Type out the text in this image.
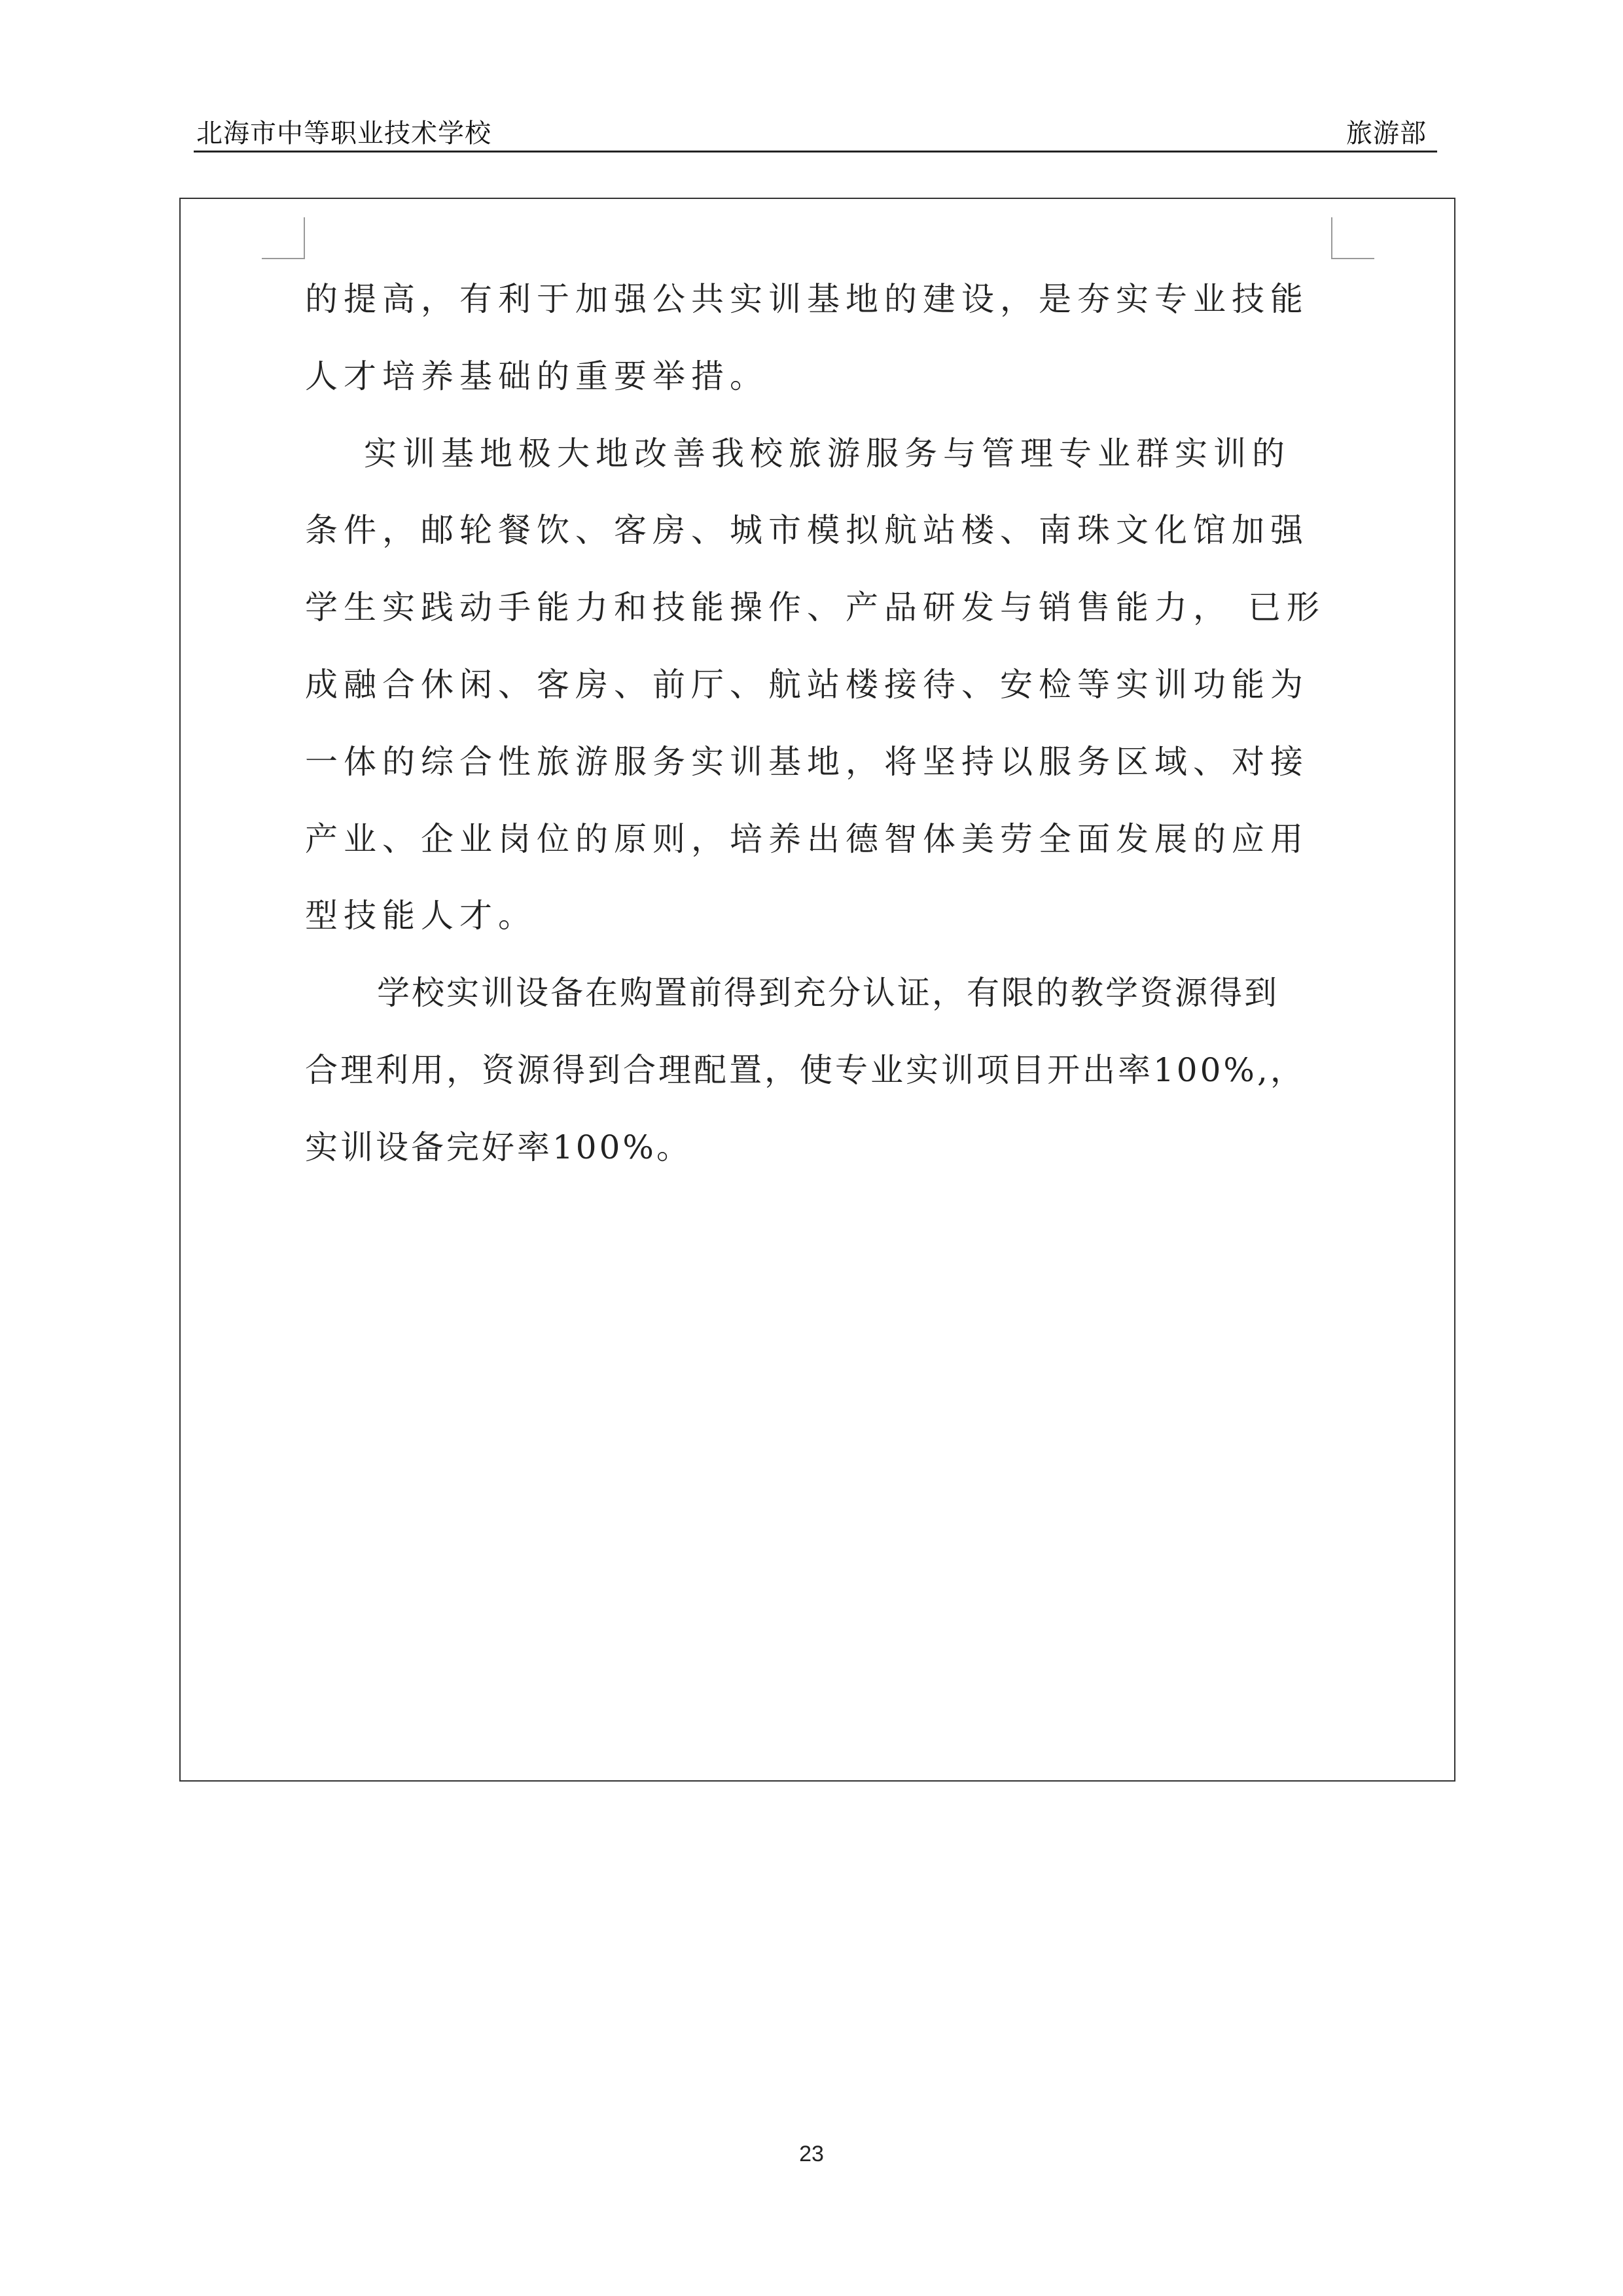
北海市中等职业技术学校	旅游部
的提高，有利于加强公共实训基地的建设，是夯实专业技能
人才培养基础的重要举措。
实训基地极大地改善我校旅游服务与管理专业群实训的
条件，邮轮餐饮、客房、城市模拟航站楼、南珠文化馆加强
学生实践动手能力和技能操作、产品研发与销售能力， 已形
成融合休闲、客房、前厅、航站楼接待、安检等实训功能为
一体的综合性旅游服务实训基地，将坚持以服务区域、对接
产业、企业岗位的原则，培养出德智体美劳全面发展的应用
型技能人才。
学校实训设备在购置前得到充分认证，有限的教学资源得到
合理利用，资源得到合理配置，使专业实训项目开出率100%,，
实训设备完好率100%。
23
